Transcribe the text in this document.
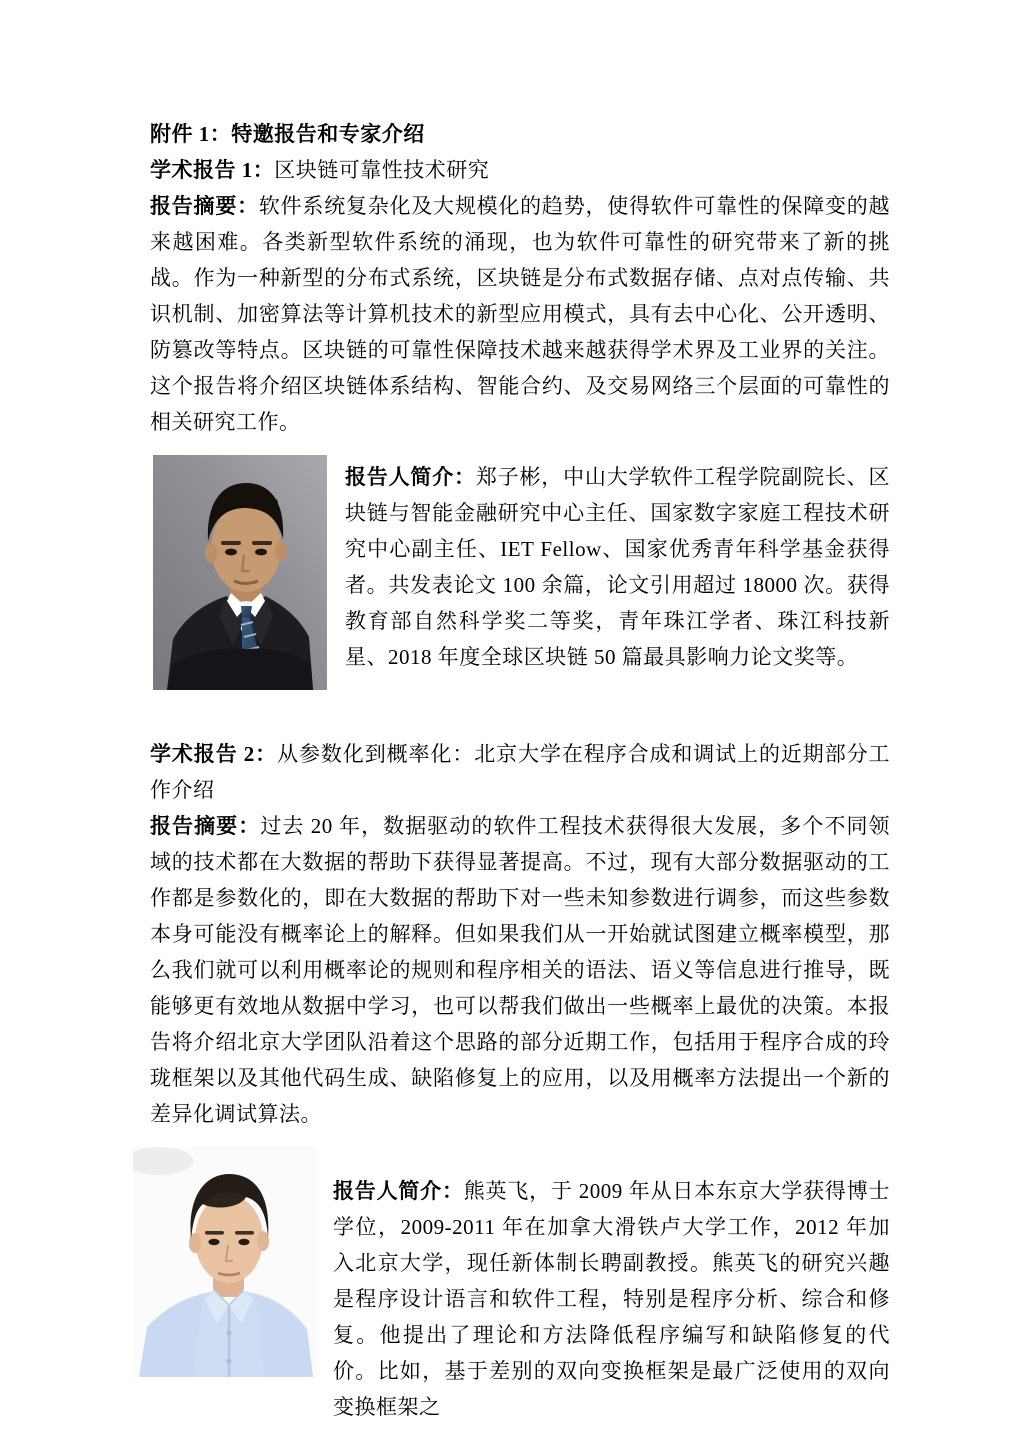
附件 1：特邀报告和专家介绍

学术报告 1：区块链可靠性技术研究

报告摘要：软件系统复杂化及大规模化的趋势，使得软件可靠性的保障变的越来越困难。各类新型软件系统的涌现，也为软件可靠性的研究带来了新的挑战。作为一种新型的分布式系统，区块链是分布式数据存储、点对点传输、共识机制、加密算法等计算机技术的新型应用模式，具有去中心化、公开透明、防篡改等特点。区块链的可靠性保障技术越来越获得学术界及工业界的关注。这个报告将介绍区块链体系结构、智能合约、及交易网络三个层面的可靠性的相关研究工作。

报告人简介：郑子彬，中山大学软件工程学院副院长、区块链与智能金融研究中心主任、国家数字家庭工程技术研究中心副主任、IET Fellow、国家优秀青年科学基金获得者。共发表论文 100 余篇，论文引用超过 18000 次。获得教育部自然科学奖二等奖，青年珠江学者、珠江科技新星、2018 年度全球区块链 50 篇最具影响力论文奖等。

学术报告 2：从参数化到概率化：北京大学在程序合成和调试上的近期部分工作介绍

报告摘要：过去 20 年，数据驱动的软件工程技术获得很大发展，多个不同领域的技术都在大数据的帮助下获得显著提高。不过，现有大部分数据驱动的工作都是参数化的，即在大数据的帮助下对一些未知参数进行调参，而这些参数本身可能没有概率论上的解释。但如果我们从一开始就试图建立概率模型，那么我们就可以利用概率论的规则和程序相关的语法、语义等信息进行推导，既能够更有效地从数据中学习，也可以帮我们做出一些概率上最优的决策。本报告将介绍北京大学团队沿着这个思路的部分近期工作，包括用于程序合成的玲珑框架以及其他代码生成、缺陷修复上的应用，以及用概率方法提出一个新的差异化调试算法。

报告人简介：熊英飞，于 2009 年从日本东京大学获得博士学位，2009-2011 年在加拿大滑铁卢大学工作，2012 年加入北京大学，现任新体制长聘副教授。熊英飞的研究兴趣是程序设计语言和软件工程，特别是程序分析、综合和修复。他提出了理论和方法降低程序编写和缺陷修复的代价。比如，基于差别的双向变换框架是最广泛使用的双向变换框架之
